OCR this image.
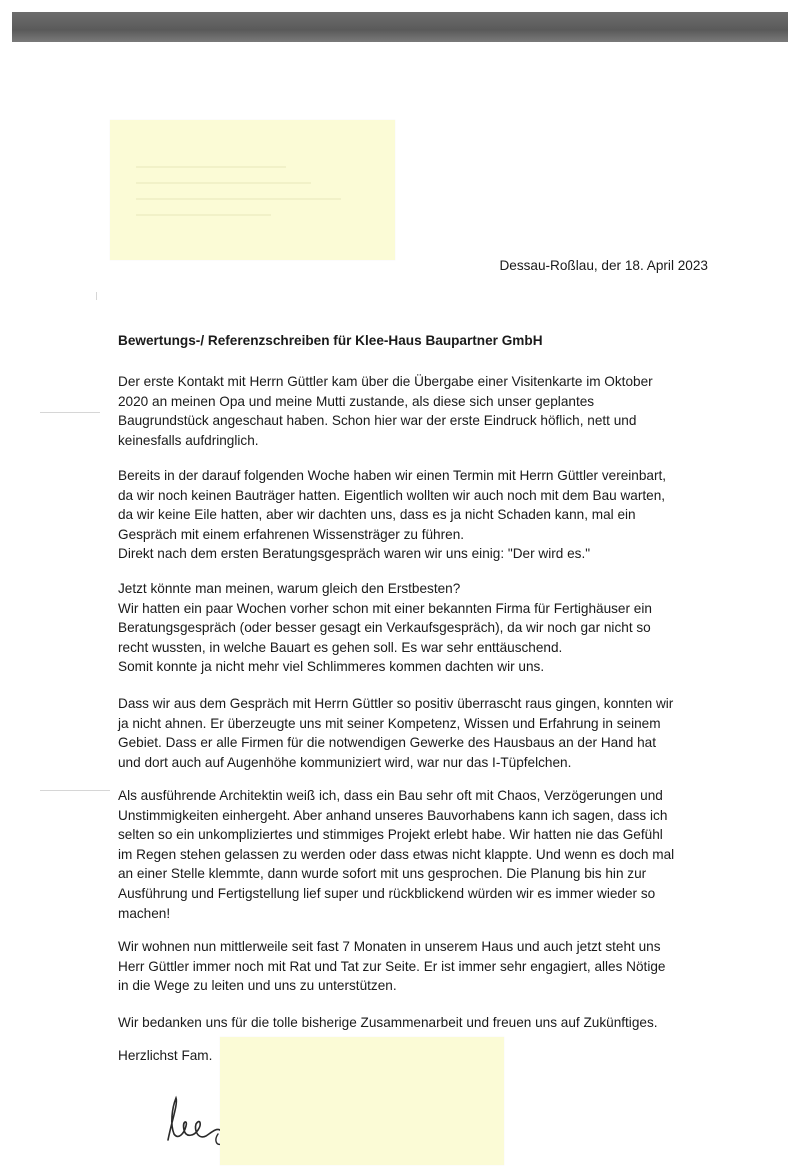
Dessau-Roßlau, der 18. April 2023
Bewertungs-/ Referenzschreiben für Klee-Haus Baupartner GmbH
Der erste Kontakt mit Herrn Güttler kam über die Übergabe einer Visitenkarte im Oktober
2020 an meinen Opa und meine Mutti zustande, als diese sich unser geplantes
Baugrundstück angeschaut haben. Schon hier war der erste Eindruck höflich, nett und
keinesfalls aufdringlich.
Bereits in der darauf folgenden Woche haben wir einen Termin mit Herrn Güttler vereinbart,
da wir noch keinen Bauträger hatten. Eigentlich wollten wir auch noch mit dem Bau warten,
da wir keine Eile hatten, aber wir dachten uns, dass es ja nicht Schaden kann, mal ein
Gespräch mit einem erfahrenen Wissensträger zu führen.
Direkt nach dem ersten Beratungsgespräch waren wir uns einig: "Der wird es."
Jetzt könnte man meinen, warum gleich den Erstbesten?
Wir hatten ein paar Wochen vorher schon mit einer bekannten Firma für Fertighäuser ein
Beratungsgespräch (oder besser gesagt ein Verkaufsgespräch), da wir noch gar nicht so
recht wussten, in welche Bauart es gehen soll. Es war sehr enttäuschend.
Somit konnte ja nicht mehr viel Schlimmeres kommen dachten wir uns.
Dass wir aus dem Gespräch mit Herrn Güttler so positiv überrascht raus gingen, konnten wir
ja nicht ahnen. Er überzeugte uns mit seiner Kompetenz, Wissen und Erfahrung in seinem
Gebiet. Dass er alle Firmen für die notwendigen Gewerke des Hausbaus an der Hand hat
und dort auch auf Augenhöhe kommuniziert wird, war nur das I-Tüpfelchen.
Als ausführende Architektin weiß ich, dass ein Bau sehr oft mit Chaos, Verzögerungen und
Unstimmigkeiten einhergeht. Aber anhand unseres Bauvorhabens kann ich sagen, dass ich
selten so ein unkompliziertes und stimmiges Projekt erlebt habe. Wir hatten nie das Gefühl
im Regen stehen gelassen zu werden oder dass etwas nicht klappte. Und wenn es doch mal
an einer Stelle klemmte, dann wurde sofort mit uns gesprochen. Die Planung bis hin zur
Ausführung und Fertigstellung lief super und rückblickend würden wir es immer wieder so
machen!
Wir wohnen nun mittlerweile seit fast 7 Monaten in unserem Haus und auch jetzt steht uns
Herr Güttler immer noch mit Rat und Tat zur Seite. Er ist immer sehr engagiert, alles Nötige
in die Wege zu leiten und uns zu unterstützen.
Wir bedanken uns für die tolle bisherige Zusammenarbeit und freuen uns auf Zukünftiges.
Herzlichst Fam.
